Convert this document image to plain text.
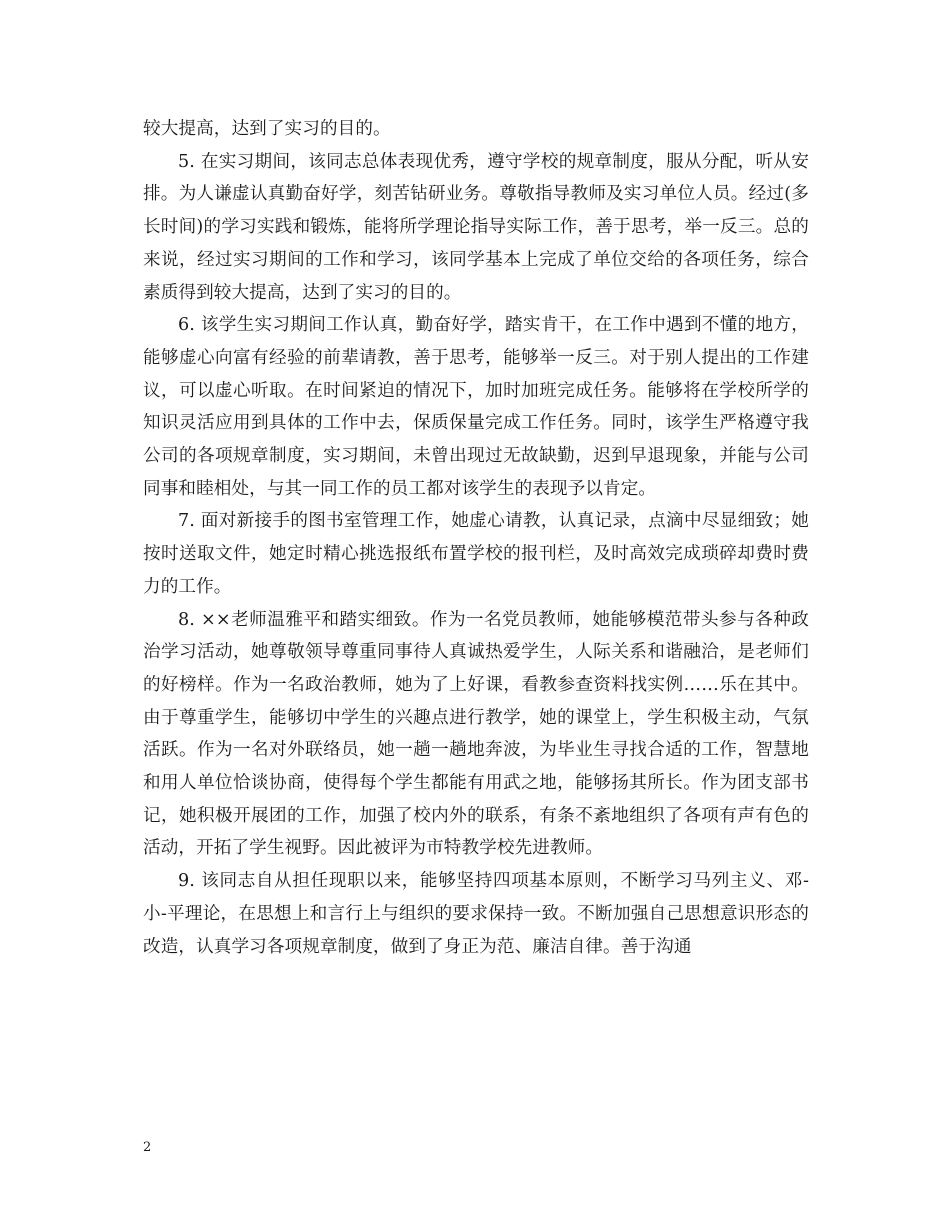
较大提高，达到了实习的目的。

5. 在实习期间，该同志总体表现优秀，遵守学校的规章制度，服从分配，听从安排。为人谦虚认真勤奋好学，刻苦钻研业务。尊敬指导教师及实习单位人员。经过(多长时间)的学习实践和锻炼，能将所学理论指导实际工作，善于思考，举一反三。总的来说，经过实习期间的工作和学习，该同学基本上完成了单位交给的各项任务，综合素质得到较大提高，达到了实习的目的。

6. 该学生实习期间工作认真，勤奋好学，踏实肯干，在工作中遇到不懂的地方，能够虚心向富有经验的前辈请教，善于思考，能够举一反三。对于别人提出的工作建议，可以虚心听取。在时间紧迫的情况下，加时加班完成任务。能够将在学校所学的知识灵活应用到具体的工作中去，保质保量完成工作任务。同时，该学生严格遵守我公司的各项规章制度，实习期间，未曾出现过无故缺勤，迟到早退现象，并能与公司同事和睦相处，与其一同工作的员工都对该学生的表现予以肯定。

7. 面对新接手的图书室管理工作，她虚心请教，认真记录，点滴中尽显细致；她按时送取文件，她定时精心挑选报纸布置学校的报刊栏，及时高效完成琐碎却费时费力的工作。

8. ××老师温雅平和踏实细致。作为一名党员教师，她能够模范带头参与各种政治学习活动，她尊敬领导尊重同事待人真诚热爱学生，人际关系和谐融洽，是老师们的好榜样。作为一名政治教师，她为了上好课，看教参查资料找实例……乐在其中。由于尊重学生，能够切中学生的兴趣点进行教学，她的课堂上，学生积极主动，气氛活跃。作为一名对外联络员，她一趟一趟地奔波，为毕业生寻找合适的工作，智慧地和用人单位恰谈协商，使得每个学生都能有用武之地，能够扬其所长。作为团支部书记，她积极开展团的工作，加强了校内外的联系，有条不紊地组织了各项有声有色的活动，开拓了学生视野。因此被评为市特教学校先进教师。

9. 该同志自从担任现职以来，能够坚持四项基本原则，不断学习马列主义、邓-小-平理论，在思想上和言行上与组织的要求保持一致。不断加强自己思想意识形态的改造，认真学习各项规章制度，做到了身正为范、廉洁自律。善于沟通

2
